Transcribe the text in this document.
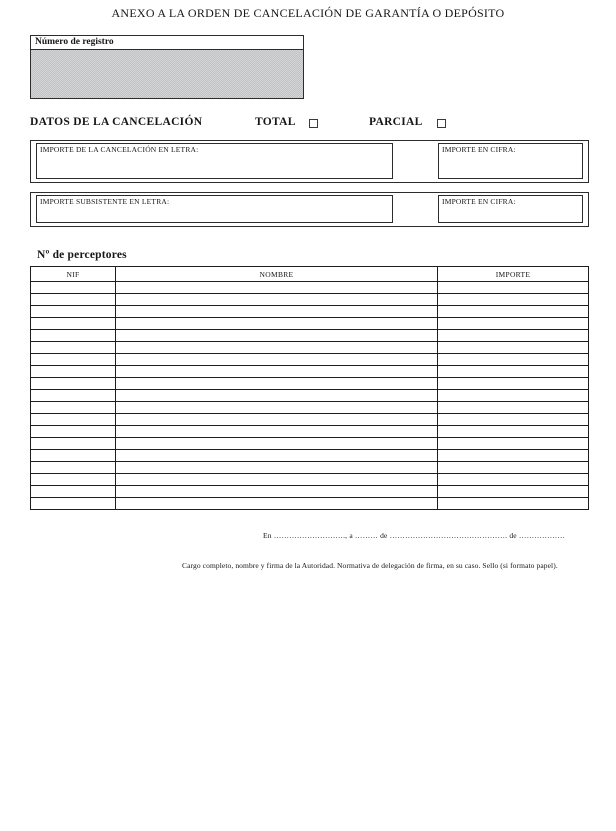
ANEXO A LA ORDEN DE CANCELACIÓN DE GARANTÍA O DEPÓSITO
Número de registro
DATOS DE LA CANCELACIÓN	TOTAL	PARCIAL
IMPORTE DE LA CANCELACIÓN EN LETRA:	IMPORTE EN CIFRA:
IMPORTE SUBSISTENTE EN LETRA:	IMPORTE EN CIFRA:
Nº de perceptores
NIF	NOMBRE	IMPORTE

En ………………………., a ……… de ………………………………………. de ………………
Cargo completo, nombre y firma de la Autoridad. Normativa de delegación de firma, en su caso. Sello (si formato papel).
